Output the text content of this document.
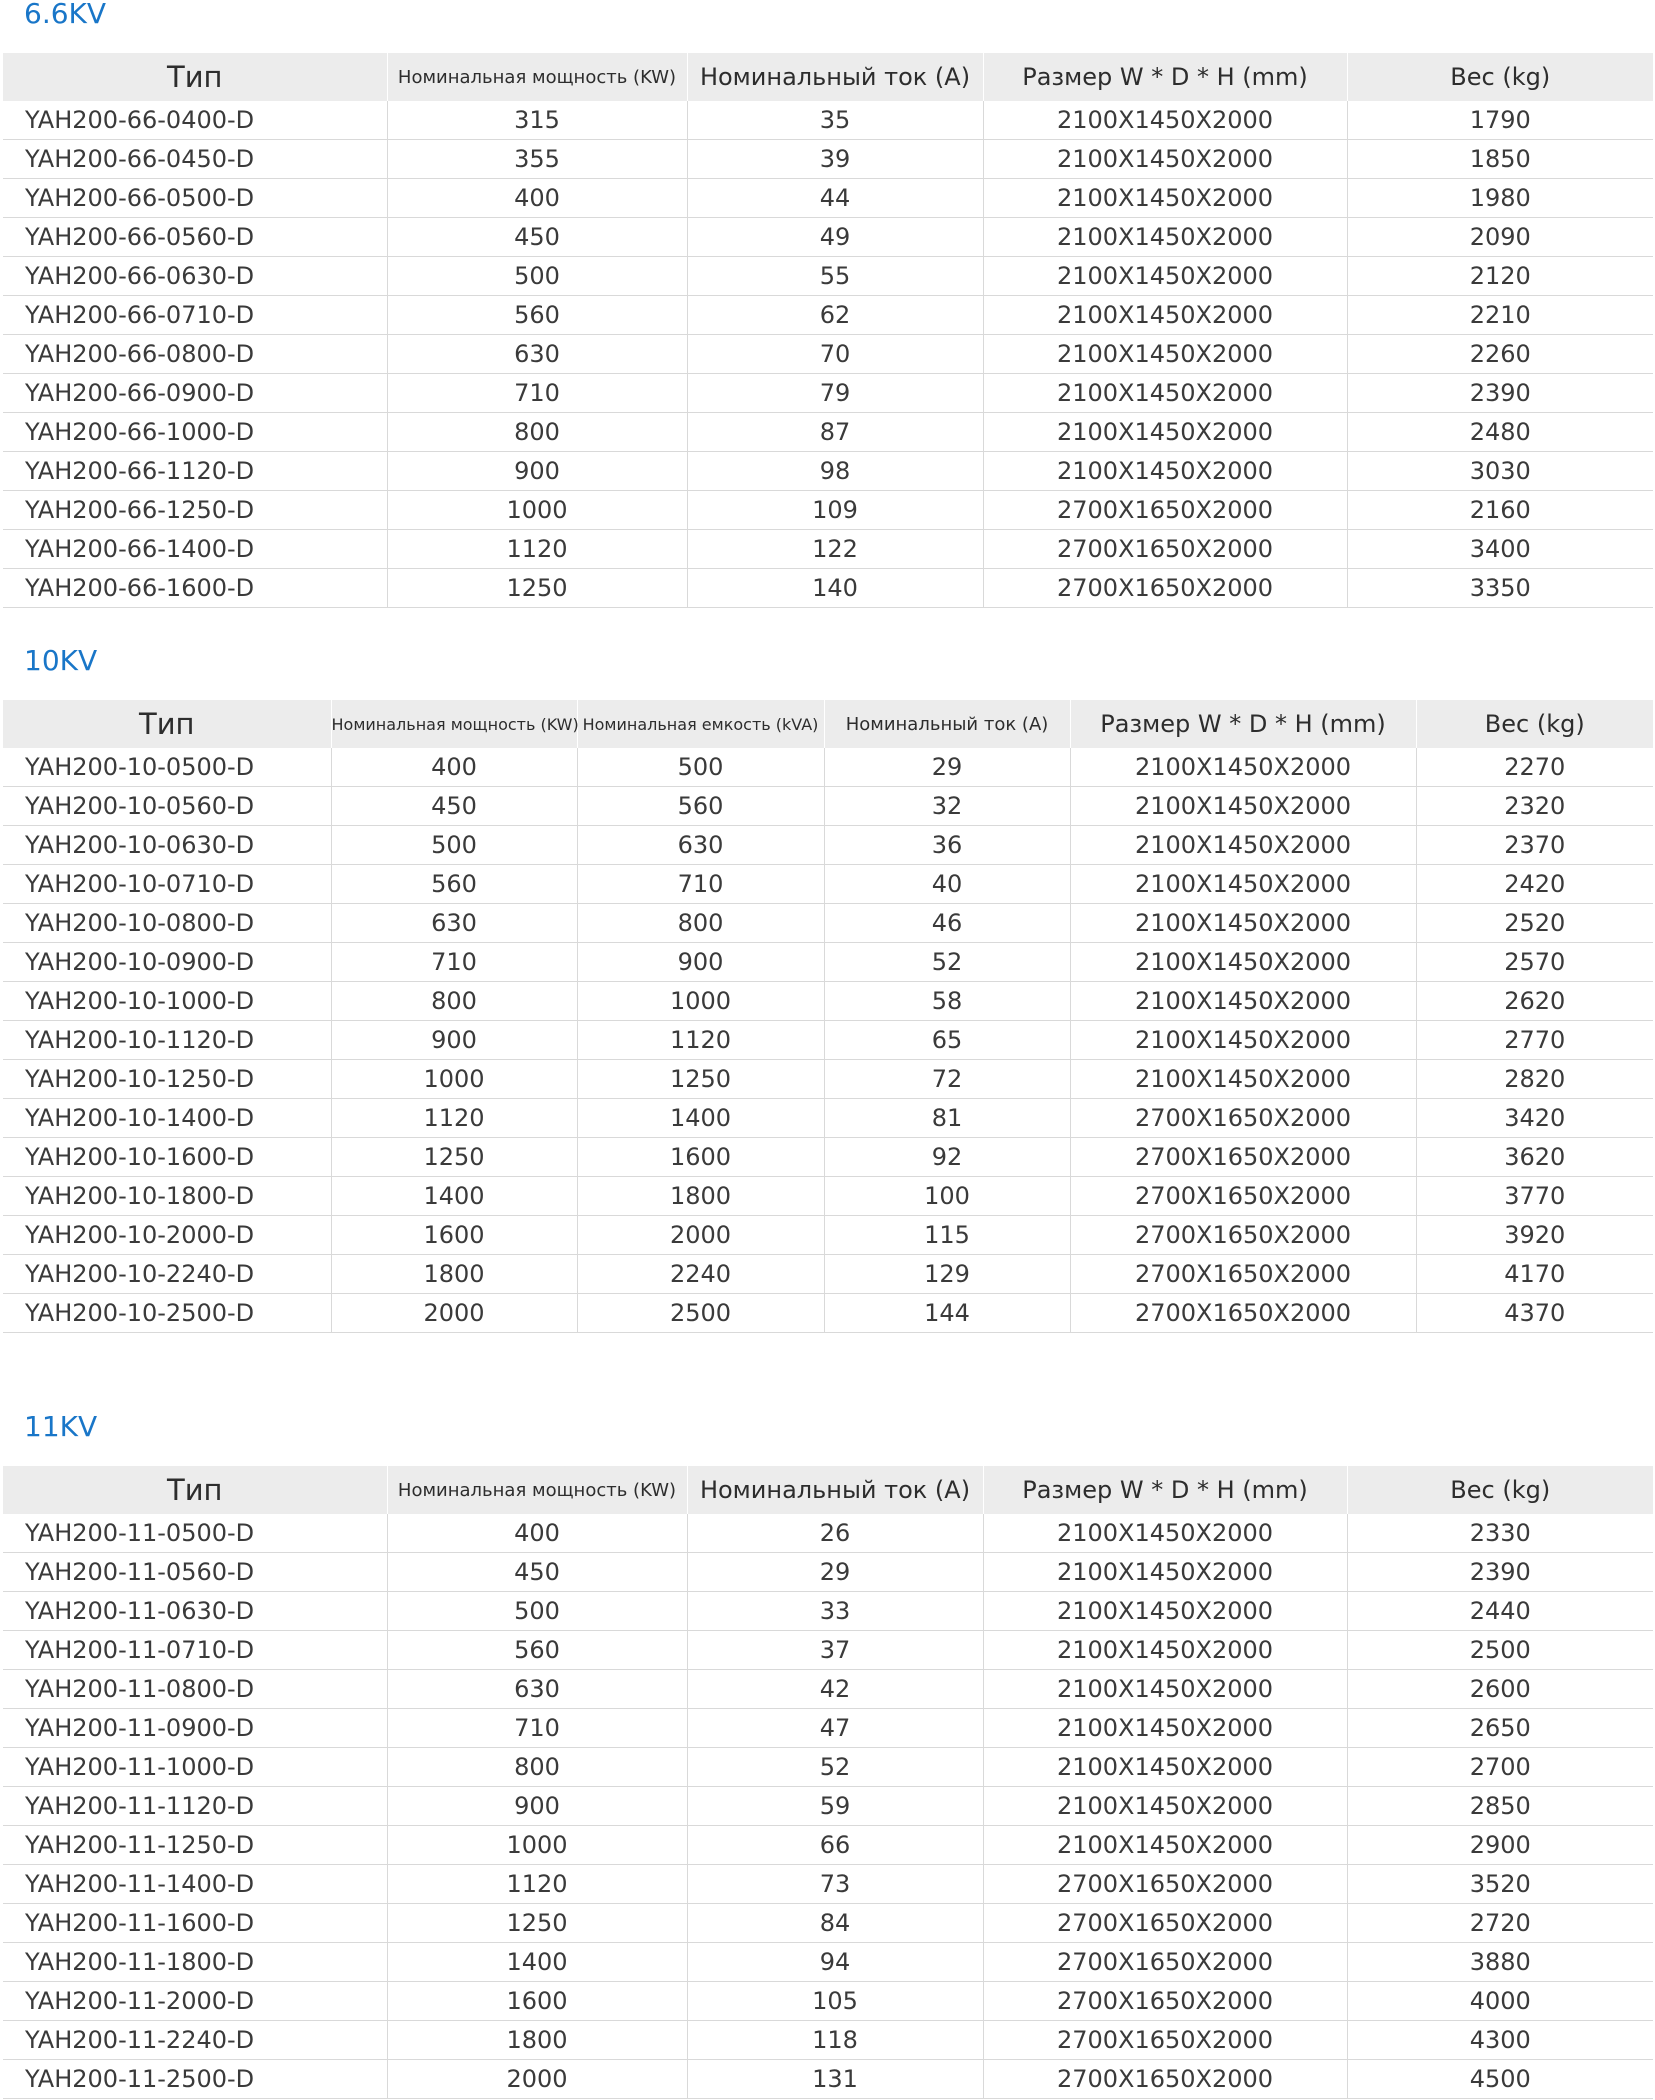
6.6KV
Тип	Номинальная мощность (KW)	Номинальный ток (A)	Размер W * D * H (mm)	Вес (kg)
YAH200-66-0400-D	315	35	2100X1450X2000	1790
YAH200-66-0450-D	355	39	2100X1450X2000	1850
YAH200-66-0500-D	400	44	2100X1450X2000	1980
YAH200-66-0560-D	450	49	2100X1450X2000	2090
YAH200-66-0630-D	500	55	2100X1450X2000	2120
YAH200-66-0710-D	560	62	2100X1450X2000	2210
YAH200-66-0800-D	630	70	2100X1450X2000	2260
YAH200-66-0900-D	710	79	2100X1450X2000	2390
YAH200-66-1000-D	800	87	2100X1450X2000	2480
YAH200-66-1120-D	900	98	2100X1450X2000	3030
YAH200-66-1250-D	1000	109	2700X1650X2000	2160
YAH200-66-1400-D	1120	122	2700X1650X2000	3400
YAH200-66-1600-D	1250	140	2700X1650X2000	3350
10KV
Тип	Номинальная мощность (KW)	Номинальная емкость (kVA)	Номинальный ток (A)	Размер W * D * H (mm)	Вес (kg)
YAH200-10-0500-D	400	500	29	2100X1450X2000	2270
YAH200-10-0560-D	450	560	32	2100X1450X2000	2320
YAH200-10-0630-D	500	630	36	2100X1450X2000	2370
YAH200-10-0710-D	560	710	40	2100X1450X2000	2420
YAH200-10-0800-D	630	800	46	2100X1450X2000	2520
YAH200-10-0900-D	710	900	52	2100X1450X2000	2570
YAH200-10-1000-D	800	1000	58	2100X1450X2000	2620
YAH200-10-1120-D	900	1120	65	2100X1450X2000	2770
YAH200-10-1250-D	1000	1250	72	2100X1450X2000	2820
YAH200-10-1400-D	1120	1400	81	2700X1650X2000	3420
YAH200-10-1600-D	1250	1600	92	2700X1650X2000	3620
YAH200-10-1800-D	1400	1800	100	2700X1650X2000	3770
YAH200-10-2000-D	1600	2000	115	2700X1650X2000	3920
YAH200-10-2240-D	1800	2240	129	2700X1650X2000	4170
YAH200-10-2500-D	2000	2500	144	2700X1650X2000	4370
11KV
Тип	Номинальная мощность (KW)	Номинальный ток (A)	Размер W * D * H (mm)	Вес (kg)
YAH200-11-0500-D	400	26	2100X1450X2000	2330
YAH200-11-0560-D	450	29	2100X1450X2000	2390
YAH200-11-0630-D	500	33	2100X1450X2000	2440
YAH200-11-0710-D	560	37	2100X1450X2000	2500
YAH200-11-0800-D	630	42	2100X1450X2000	2600
YAH200-11-0900-D	710	47	2100X1450X2000	2650
YAH200-11-1000-D	800	52	2100X1450X2000	2700
YAH200-11-1120-D	900	59	2100X1450X2000	2850
YAH200-11-1250-D	1000	66	2100X1450X2000	2900
YAH200-11-1400-D	1120	73	2700X1650X2000	3520
YAH200-11-1600-D	1250	84	2700X1650X2000	2720
YAH200-11-1800-D	1400	94	2700X1650X2000	3880
YAH200-11-2000-D	1600	105	2700X1650X2000	4000
YAH200-11-2240-D	1800	118	2700X1650X2000	4300
YAH200-11-2500-D	2000	131	2700X1650X2000	4500
